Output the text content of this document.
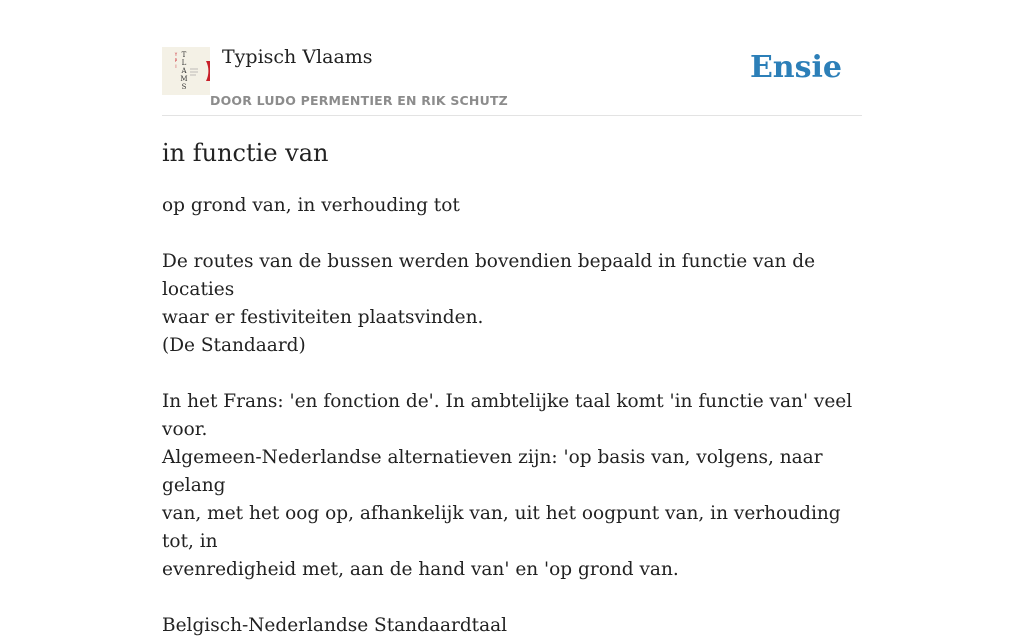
T
L
A
M
S
Y
P
I Typisch Vlaams
DOOR LUDO PERMENTIER EN RIK SCHUTZ
Ensie
in functie van

op grond van, in verhouding tot

De routes van de bussen werden bovendien bepaald in functie van de locaties

waar er festiviteiten plaatsvinden.

(De Standaard)

In het Frans: 'en fonction de'. In ambtelijke taal komt 'in functie van' veel voor.

Algemeen-Nederlandse alternatieven zijn: 'op basis van, volgens, naar gelang

van, met het oog op, afhankelijk van, uit het oogpunt van, in verhouding tot, in

evenredigheid met, aan de hand van' en 'op grond van.

Belgisch-Nederlandse Standaardtaal
